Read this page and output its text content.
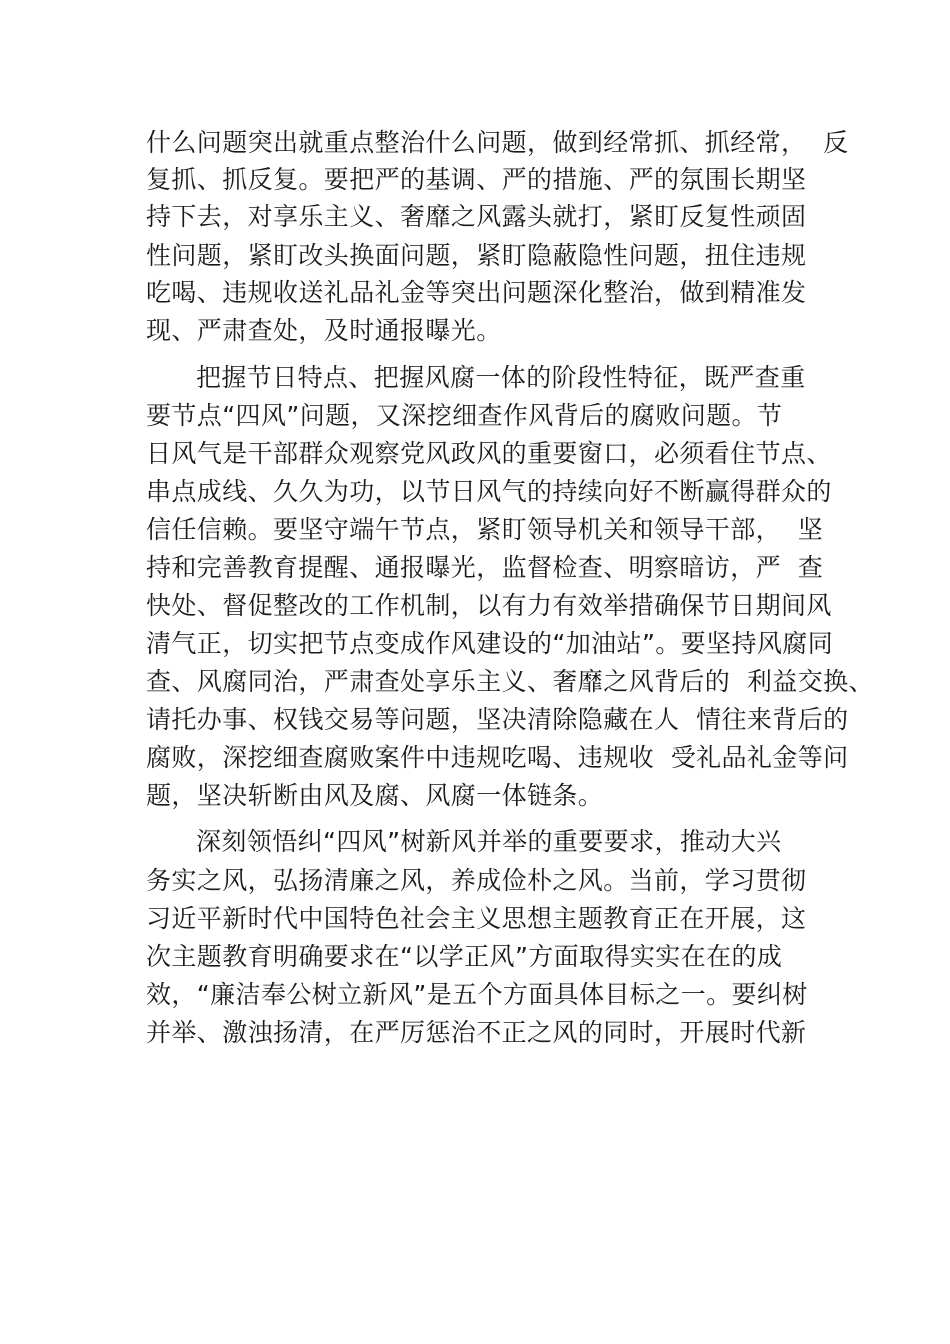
什么问题突出就重点整治什么问题，做到经常抓、抓经常，  反
复抓、抓反复。要把严的基调、严的措施、严的氛围长期坚
持下去，对享乐主义、奢靡之风露头就打，紧盯反复性顽固
性问题，紧盯改头换面问题，紧盯隐蔽隐性问题，扭住违规
吃喝、违规收送礼品礼金等突出问题深化整治，做到精准发
现、严肃查处，及时通报曝光。
把握节日特点、把握风腐一体的阶段性特征，既严查重
要节点“四风”问题，又深挖细查作风背后的腐败问题。节
日风气是干部群众观察党风政风的重要窗口，必须看住节点、
串点成线、久久为功，以节日风气的持续向好不断赢得群众的
信任信赖。要坚守端午节点，紧盯领导机关和领导干部，  坚
持和完善教育提醒、通报曝光，监督检查、明察暗访，严  查
快处、督促整改的工作机制，以有力有效举措确保节日期间风
清气正，切实把节点变成作风建设的“加油站”。要坚持风腐同
查、风腐同治，严肃查处享乐主义、奢靡之风背后的  利益交换、
请托办事、权钱交易等问题，坚决清除隐藏在人  情往来背后的
腐败，深挖细查腐败案件中违规吃喝、违规收  受礼品礼金等问
题，坚决斩断由风及腐、风腐一体链条。
深刻领悟纠“四风”树新风并举的重要要求，推动大兴
务实之风，弘扬清廉之风，养成俭朴之风。当前，学习贯彻
习近平新时代中国特色社会主义思想主题教育正在开展，这
次主题教育明确要求在“以学正风”方面取得实实在在的成
效，“廉洁奉公树立新风”是五个方面具体目标之一。要纠树
并举、激浊扬清，在严厉惩治不正之风的同时，开展时代新
